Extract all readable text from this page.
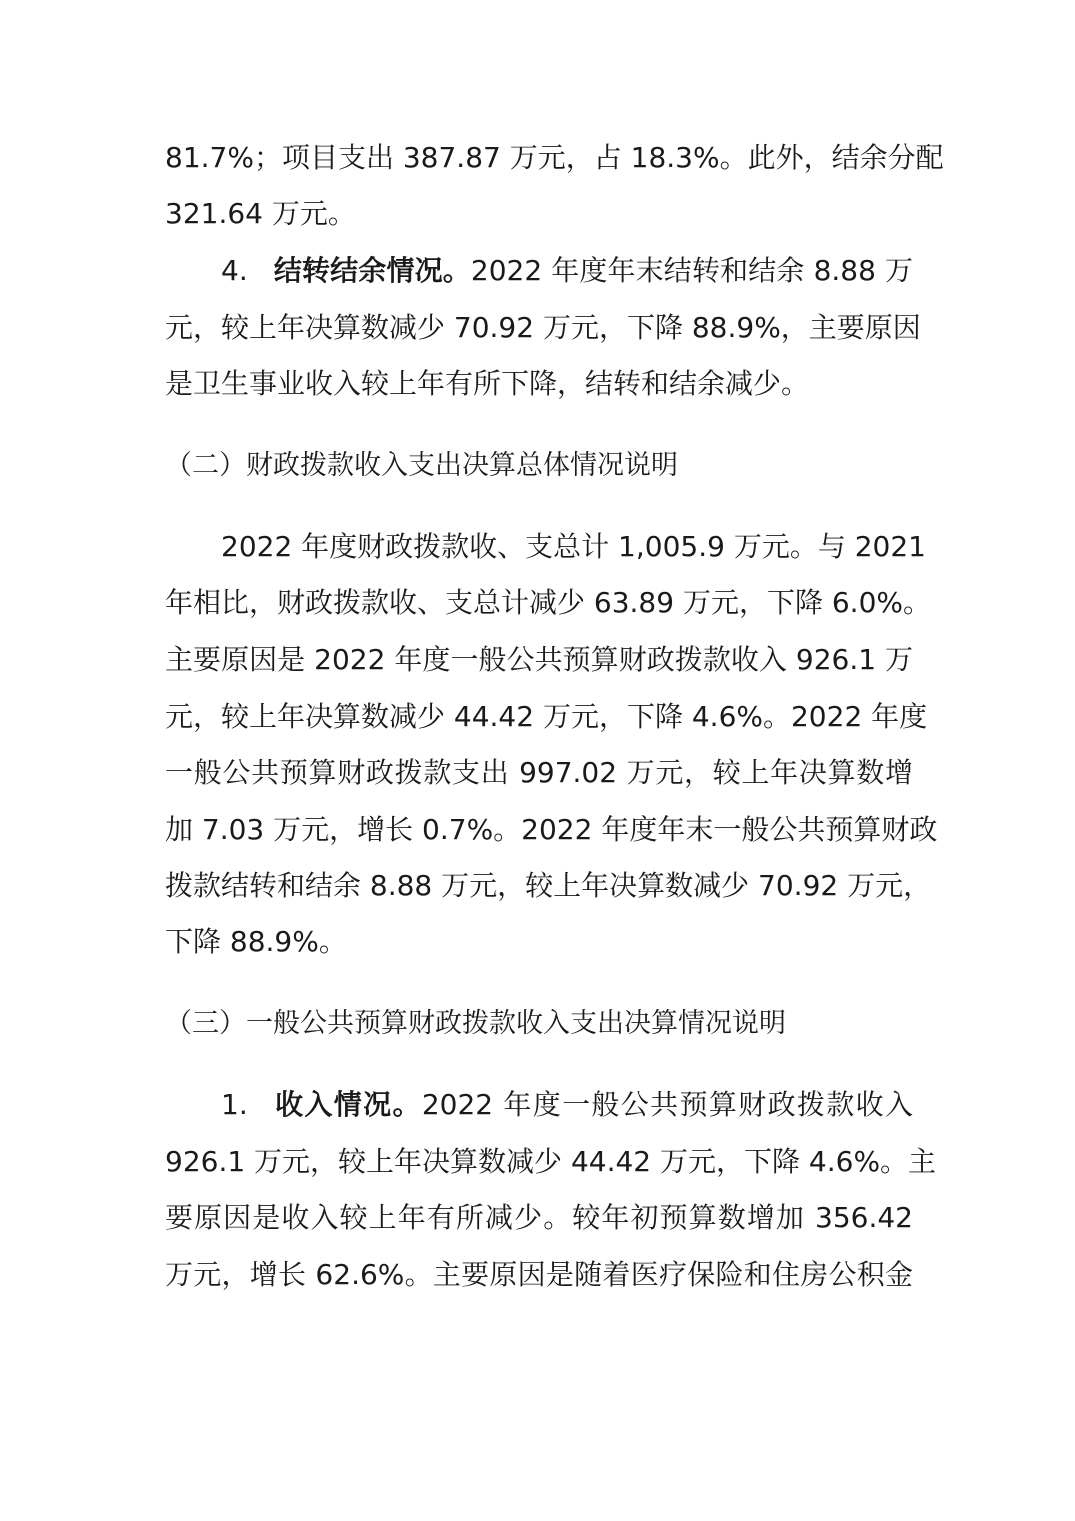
81.7%；项目支出 387.87 万元，占 18.3%。此外，结余分配
321.64 万元。
4. 结转结余情况。2022 年度年末结转和结余 8.88 万
元，较上年决算数减少 70.92 万元，下降 88.9%，主要原因
是卫生事业收入较上年有所下降，结转和结余减少。
（二）财政拨款收入支出决算总体情况说明
2022 年度财政拨款收、支总计 1,005.9 万元。与 2021
年相比，财政拨款收、支总计减少 63.89 万元，下降 6.0%。
主要原因是 2022 年度一般公共预算财政拨款收入 926.1 万
元，较上年决算数减少 44.42 万元，下降 4.6%。2022 年度
一般公共预算财政拨款支出 997.02 万元，较上年决算数增
加 7.03 万元，增长 0.7%。2022 年度年末一般公共预算财政
拨款结转和结余 8.88 万元，较上年决算数减少 70.92 万元，
下降 88.9%。
（三）一般公共预算财政拨款收入支出决算情况说明
1. 收入情况。2022 年度一般公共预算财政拨款收入
926.1 万元，较上年决算数减少 44.42 万元，下降 4.6%。主
要原因是收入较上年有所减少。较年初预算数增加 356.42
万元，增长 62.6%。主要原因是随着医疗保险和住房公积金
